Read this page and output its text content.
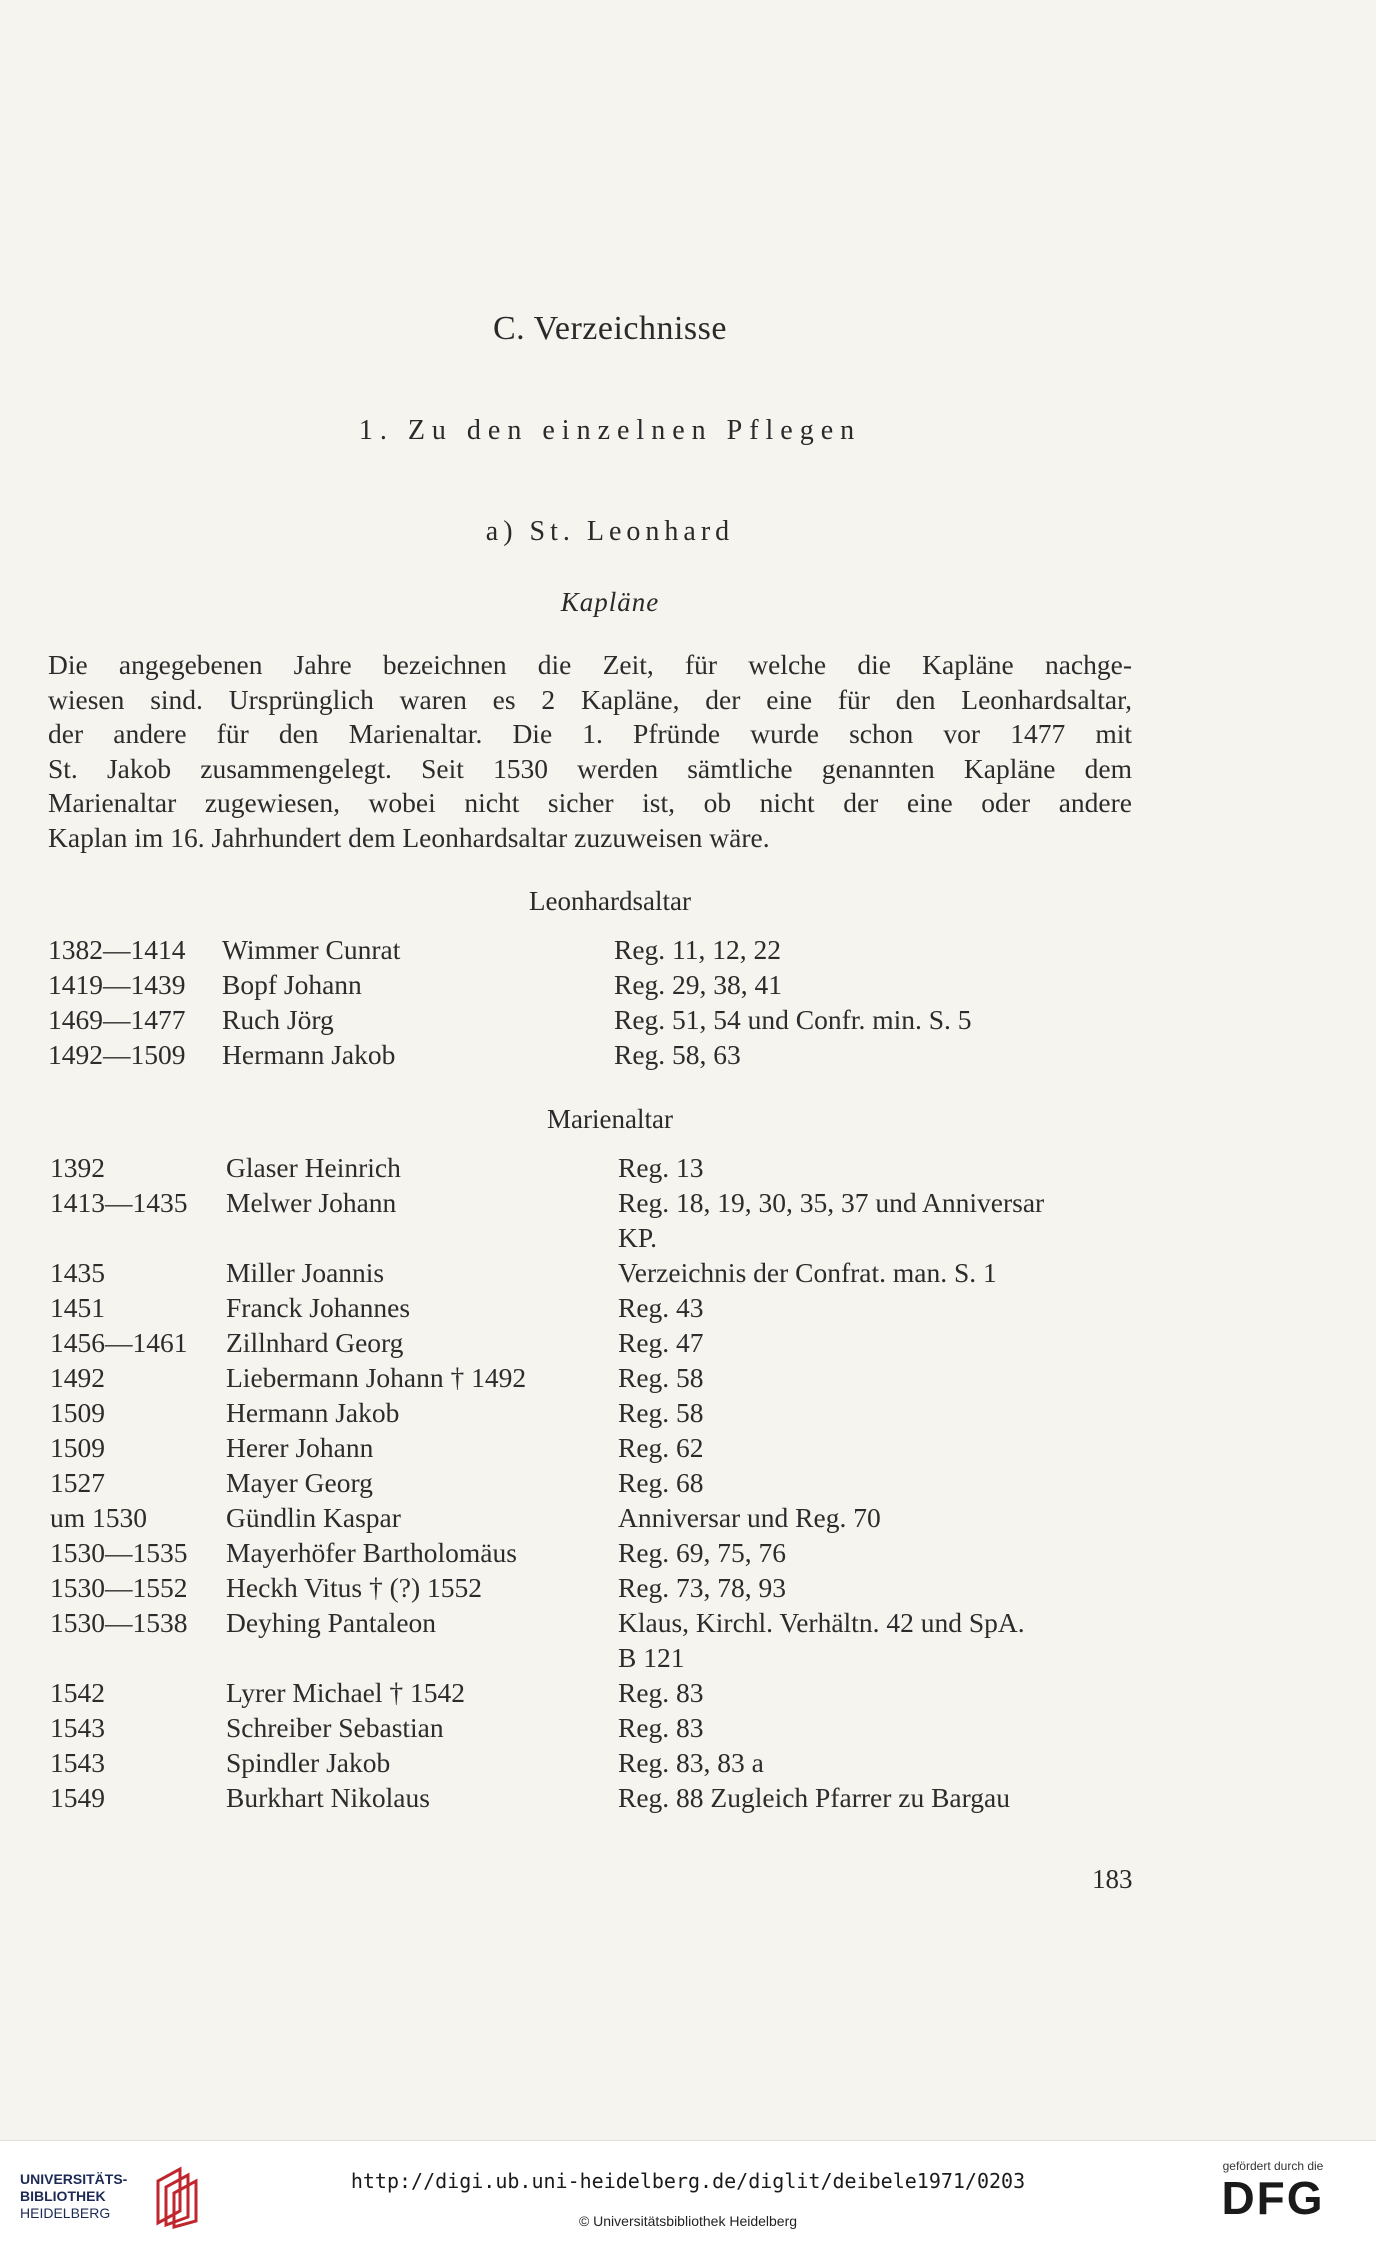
C. Verzeichnisse
1. Zu den einzelnen Pflegen
a) St. Leonhard
Kapläne
Die angegebenen Jahre bezeichnen die Zeit, für welche die Kapläne nachge-
wiesen sind. Ursprünglich waren es 2 Kapläne, der eine für den Leonhardsaltar,
der andere für den Marienaltar. Die 1. Pfründe wurde schon vor 1477 mit
St. Jakob zusammengelegt. Seit 1530 werden sämtliche genannten Kapläne dem
Marienaltar zugewiesen, wobei nicht sicher ist, ob nicht der eine oder andere
Kaplan im 16. Jahrhundert dem Leonhardsaltar zuzuweisen wäre.
Leonhardsaltar
1382—1414 Wimmer Cunrat	Reg. 11, 12, 22
1419—1439 Bopf Johann	Reg. 29, 38, 41
1469—1477 Ruch Jörg	Reg. 51, 54 und Confr. min. S. 5
1492—1509 Hermann Jakob	Reg. 58, 63
Marienaltar
1392	Glaser Heinrich	Reg. 13
1413—1435 Melwer Johann	Reg. 18, 19, 30, 35, 37 und Anniversar
KP.
1435	Miller Joannis	Verzeichnis der Confrat. man. S. 1
1451	Franck Johannes	Reg. 43
1456—1461 Zillnhard Georg	Reg. 47
1492	Liebermann Johann † 1492	Reg. 58
1509	Hermann Jakob	Reg. 58
1509	Herer Johann	Reg. 62
1527	Mayer Georg	Reg. 68
um 1530	Gündlin Kaspar	Anniversar und Reg. 70
1530—1535 Mayerhöfer Bartholomäus	Reg. 69, 75, 76
1530—1552 Heckh Vitus † (?) 1552	Reg. 73, 78, 93
1530—1538 Deyhing Pantaleon	Klaus, Kirchl. Verhältn. 42 und SpA.
B 121
1542	Lyrer Michael † 1542	Reg. 83
1543	Schreiber Sebastian	Reg. 83
1543	Spindler Jakob	Reg. 83, 83 a
1549	Burkhart Nikolaus	Reg. 88 Zugleich Pfarrer zu Bargau
183
UNIVERSITÄTS-
BIBLIOTHEK
HEIDELBERG
http://digi.ub.uni-heidelberg.de/diglit/deibele1971/0203
© Universitätsbibliothek Heidelberg
gefördert durch die
DFG
